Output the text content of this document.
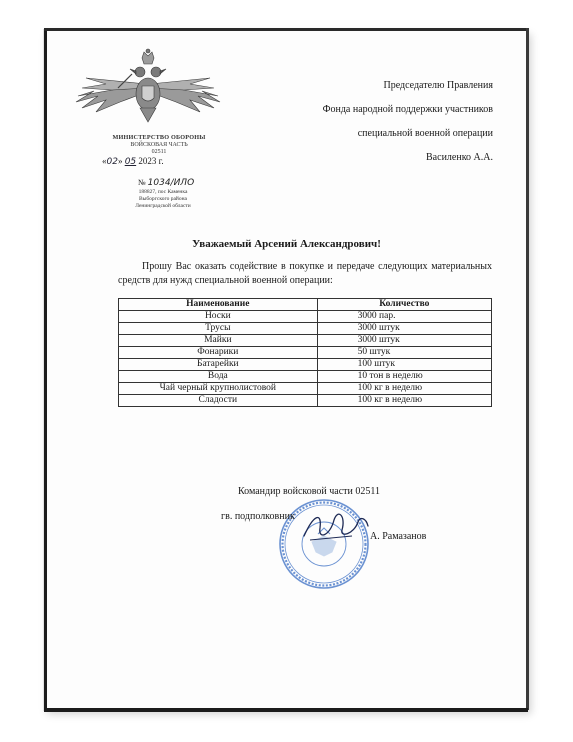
МИНИСТЕРСТВО ОБОРОНЫ
ВОЙСКОВАЯ ЧАСТЬ
02511
«02» 05 2023 г.
№ 1034/ИЛО
188827, пос Каменка
Выборгского района
Ленинградской области
Председателю Правления
Фонда народной поддержки участников
специальной военной операции
Василенко А.А.
Уважаемый Арсений Александрович!
Прошу Вас оказать содействие в покупке и передаче следующих материальных средств для нужд специальной военной операции:
Наименование	Количество
Носки	3000 пар.
Трусы	3000 штук
Майки	3000 штук
Фонарики	50 штук
Батарейки	100 штук
Вода	10 тон в неделю
Чай черный крупнолистовой	100 кг в неделю
Сладости	100 кг в неделю
Командир войсковой части 02511
гв. подполковник
А. Рамазанов
